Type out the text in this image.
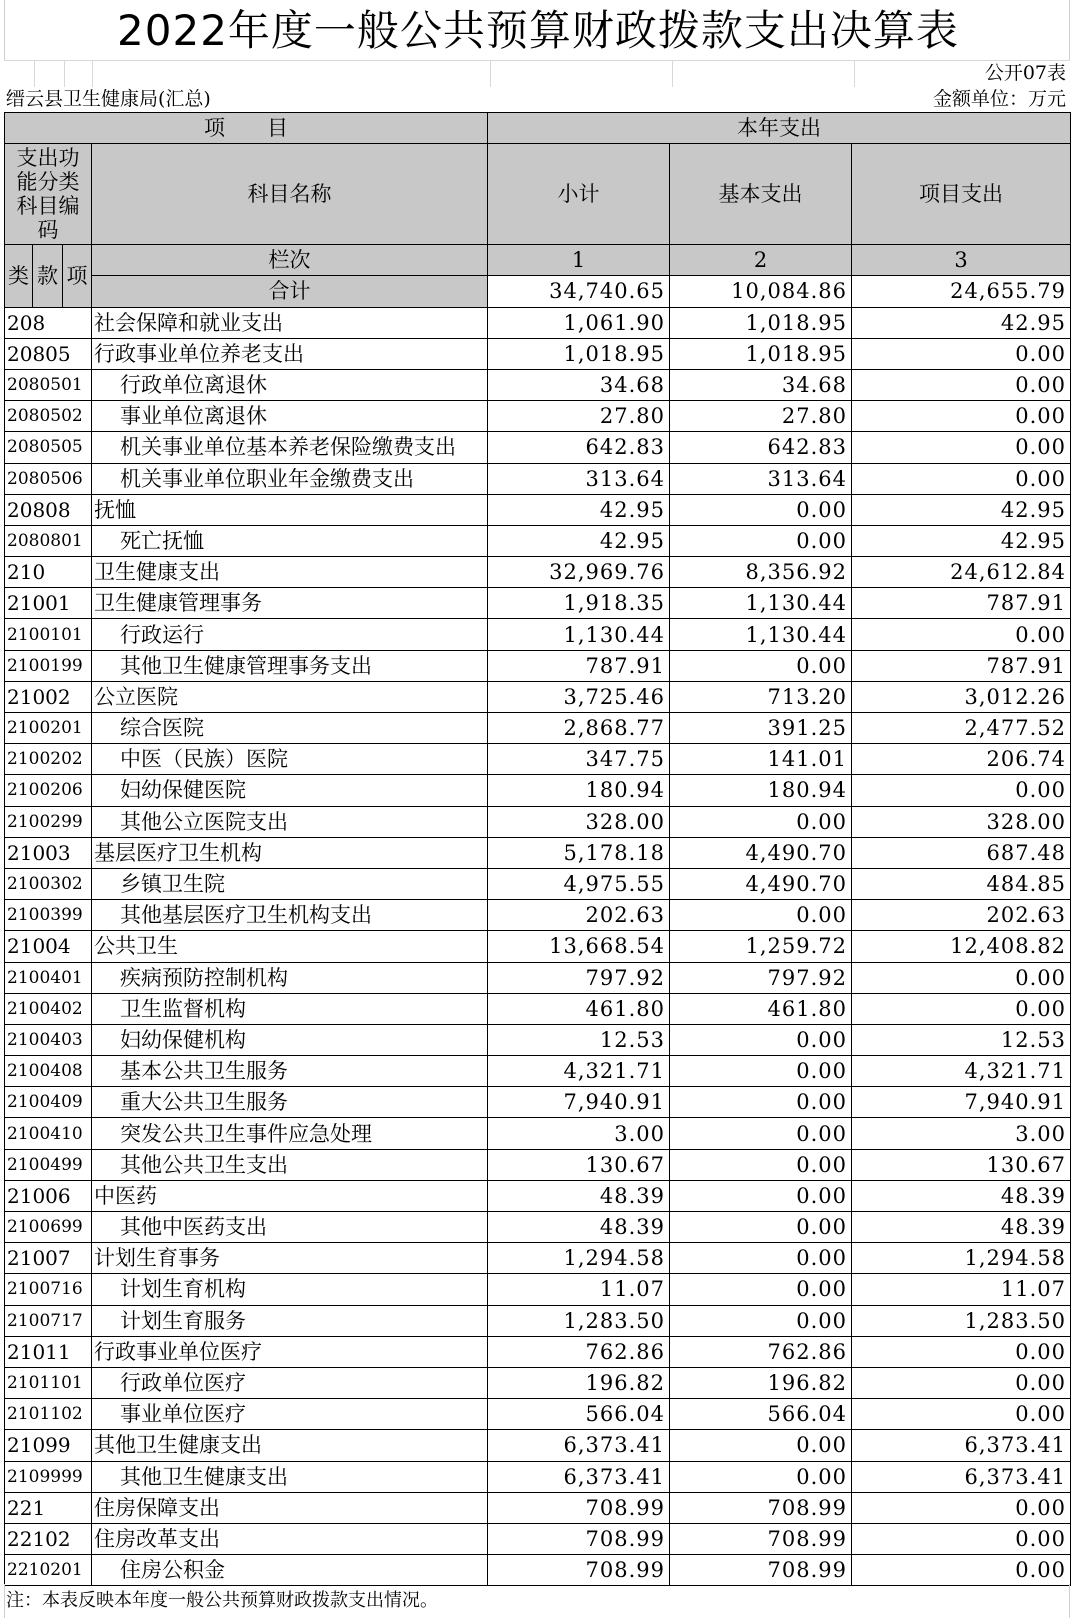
2022年度一般公共预算财政拨款支出决算表
公开07表
缙云县卫生健康局(汇总)	金额单位：万元
项　　目				本年支出		
支出功能分类科目编码			科目名称	小计	基本支出	项目支出
类	款	项	栏次	1	2	3
			合计	34,740.65	10,084.86	24,655.79
208			社会保障和就业支出	1,061.90	1,018.95	42.95
20805			行政事业单位养老支出	1,018.95	1,018.95	0.00
2080501			行政单位离退休	34.68	34.68	0.00
2080502			事业单位离退休	27.80	27.80	0.00
2080505			机关事业单位基本养老保险缴费支出	642.83	642.83	0.00
2080506			机关事业单位职业年金缴费支出	313.64	313.64	0.00
20808			抚恤	42.95	0.00	42.95
2080801			死亡抚恤	42.95	0.00	42.95
210			卫生健康支出	32,969.76	8,356.92	24,612.84
21001			卫生健康管理事务	1,918.35	1,130.44	787.91
2100101			行政运行	1,130.44	1,130.44	0.00
2100199			其他卫生健康管理事务支出	787.91	0.00	787.91
21002			公立医院	3,725.46	713.20	3,012.26
2100201			综合医院	2,868.77	391.25	2,477.52
2100202			中医（民族）医院	347.75	141.01	206.74
2100206			妇幼保健医院	180.94	180.94	0.00
2100299			其他公立医院支出	328.00	0.00	328.00
21003			基层医疗卫生机构	5,178.18	4,490.70	687.48
2100302			乡镇卫生院	4,975.55	4,490.70	484.85
2100399			其他基层医疗卫生机构支出	202.63	0.00	202.63
21004			公共卫生	13,668.54	1,259.72	12,408.82
2100401			疾病预防控制机构	797.92	797.92	0.00
2100402			卫生监督机构	461.80	461.80	0.00
2100403			妇幼保健机构	12.53	0.00	12.53
2100408			基本公共卫生服务	4,321.71	0.00	4,321.71
2100409			重大公共卫生服务	7,940.91	0.00	7,940.91
2100410			突发公共卫生事件应急处理	3.00	0.00	3.00
2100499			其他公共卫生支出	130.67	0.00	130.67
21006			中医药	48.39	0.00	48.39
2100699			其他中医药支出	48.39	0.00	48.39
21007			计划生育事务	1,294.58	0.00	1,294.58
2100716			计划生育机构	11.07	0.00	11.07
2100717			计划生育服务	1,283.50	0.00	1,283.50
21011			行政事业单位医疗	762.86	762.86	0.00
2101101			行政单位医疗	196.82	196.82	0.00
2101102			事业单位医疗	566.04	566.04	0.00
21099			其他卫生健康支出	6,373.41	0.00	6,373.41
2109999			其他卫生健康支出	6,373.41	0.00	6,373.41
221			住房保障支出	708.99	708.99	0.00
22102			住房改革支出	708.99	708.99	0.00
2210201			住房公积金	708.99	708.99	0.00
注：本表反映本年度一般公共预算财政拨款支出情况。
